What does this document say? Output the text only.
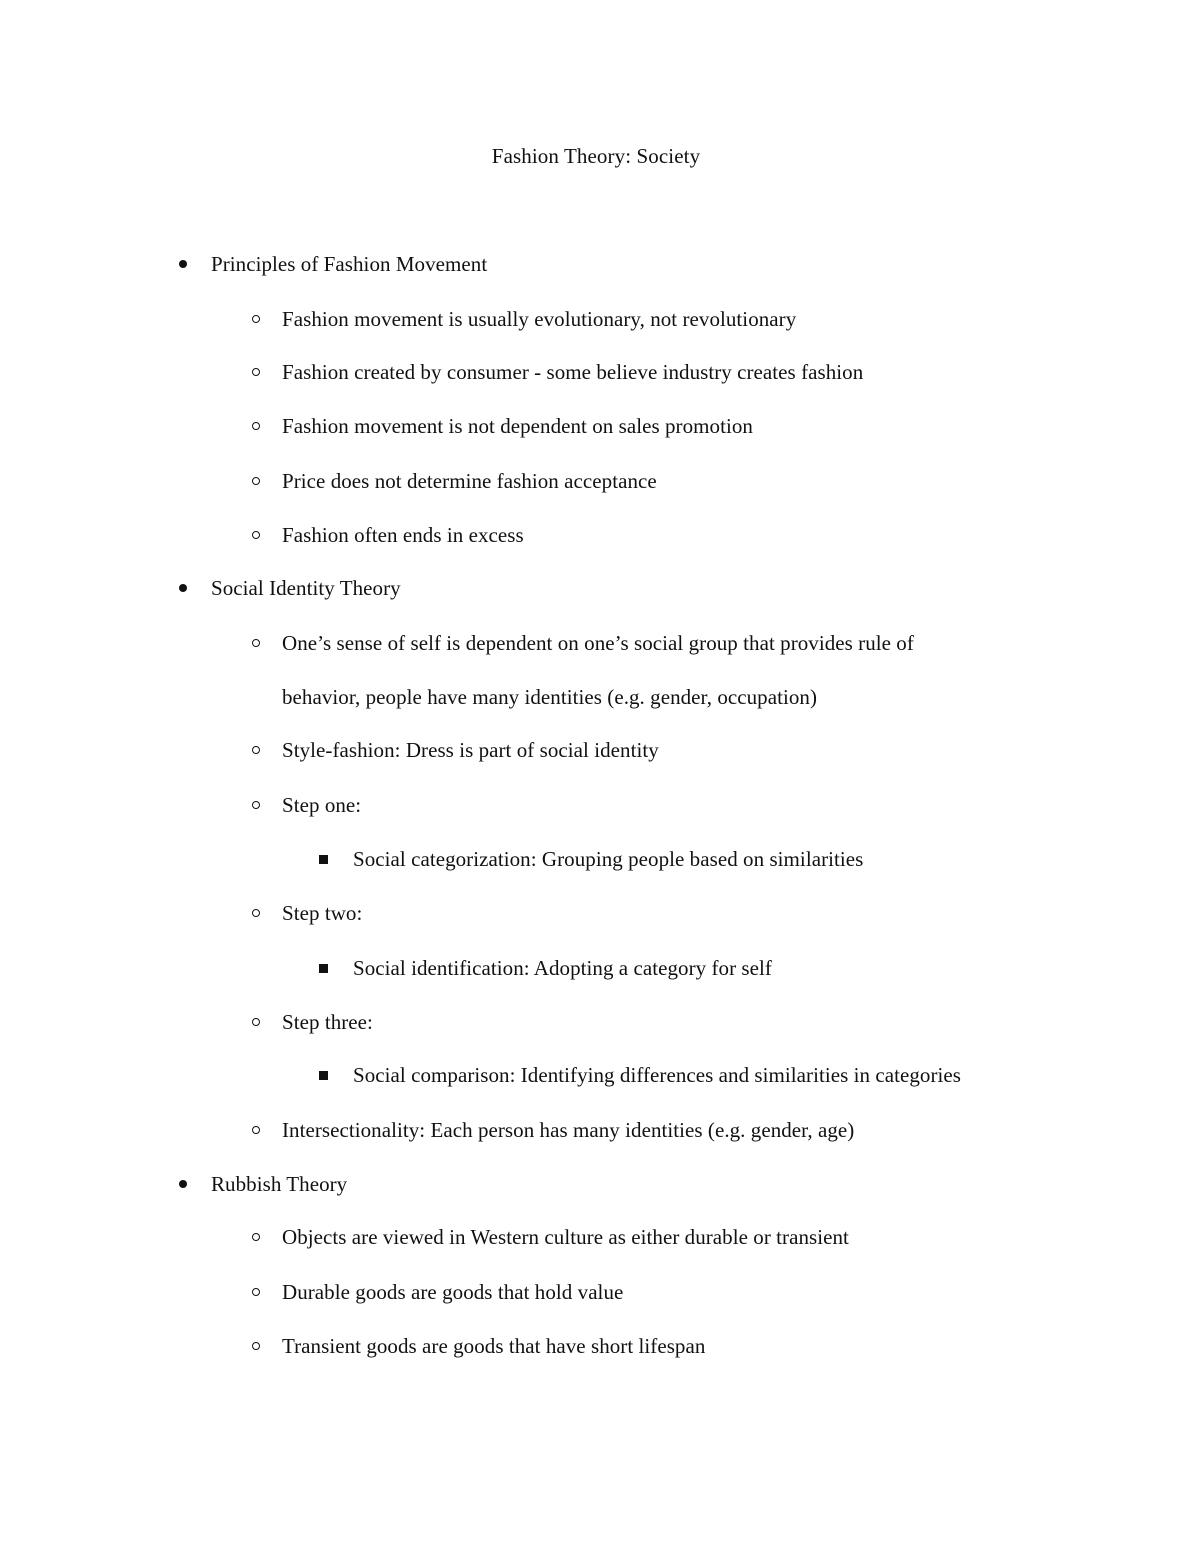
Fashion Theory: Society
Principles of Fashion Movement
Fashion movement is usually evolutionary, not revolutionary
Fashion created by consumer - some believe industry creates fashion
Fashion movement is not dependent on sales promotion
Price does not determine fashion acceptance
Fashion often ends in excess
Social Identity Theory
One’s sense of self is dependent on one’s social group that provides rule of
behavior, people have many identities (e.g. gender, occupation)
Style-fashion: Dress is part of social identity
Step one:
Social categorization: Grouping people based on similarities
Step two:
Social identification: Adopting a category for self
Step three:
Social comparison: Identifying differences and similarities in categories
Intersectionality: Each person has many identities (e.g. gender, age)
Rubbish Theory
Objects are viewed in Western culture as either durable or transient
Durable goods are goods that hold value
Transient goods are goods that have short lifespan
